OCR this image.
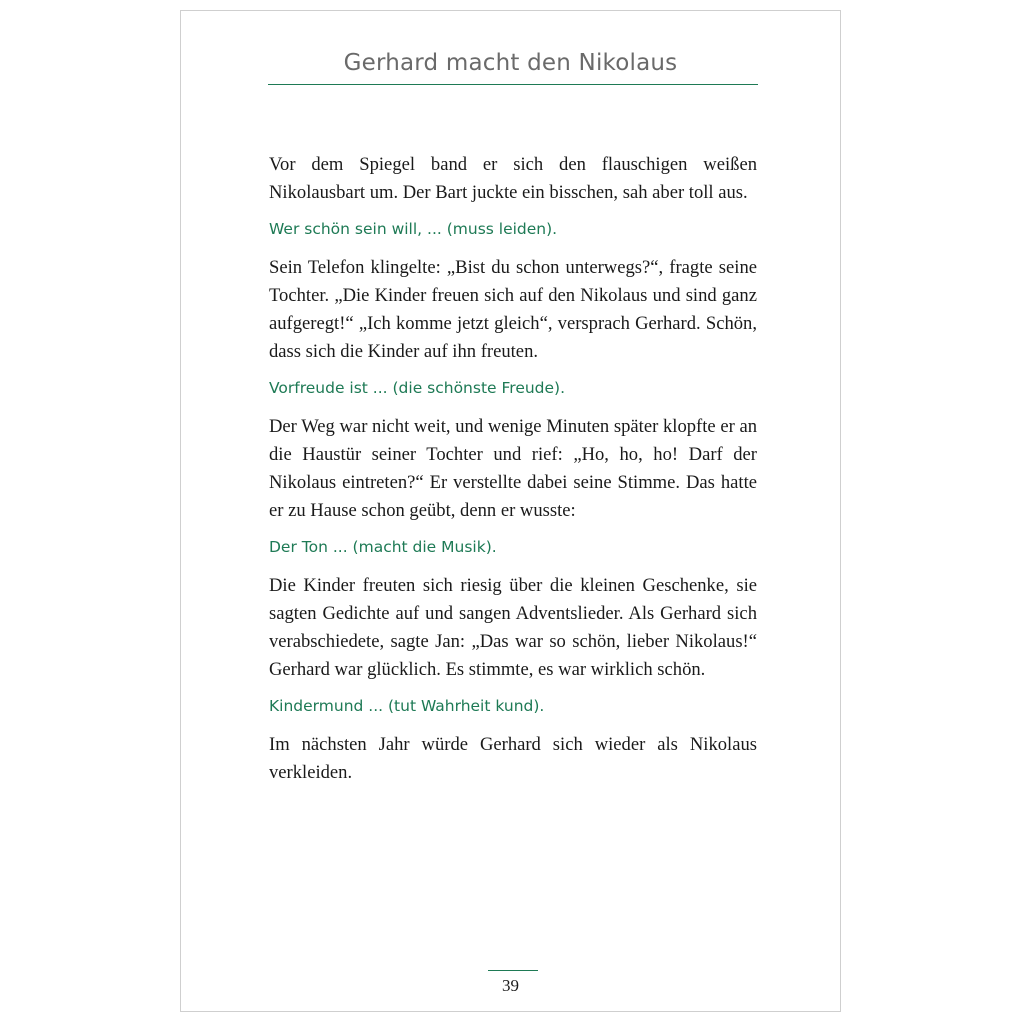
Gerhard macht den Nikolaus

Vor dem Spiegel band er sich den flauschigen weißen Nikolausbart um. Der Bart juckte ein bisschen, sah aber toll aus.

Wer schön sein will, ... (muss leiden).

Sein Telefon klingelte: „Bist du schon unterwegs?“, fragte seine Tochter. „Die Kinder freuen sich auf den Nikolaus und sind ganz aufgeregt!“ „Ich komme jetzt gleich“, versprach Gerhard. Schön, dass sich die Kinder auf ihn freuten.

Vorfreude ist ... (die schönste Freude).

Der Weg war nicht weit, und wenige Minuten später klopfte er an die Haustür seiner Tochter und rief: „Ho, ho, ho! Darf der Nikolaus eintreten?“ Er verstellte dabei seine Stimme. Das hatte er zu Hause schon geübt, denn er wusste:

Der Ton ... (macht die Musik).

Die Kinder freuten sich riesig über die kleinen Geschenke, sie sagten Gedichte auf und sangen Adventslieder. Als Gerhard sich verabschiedete, sagte Jan: „Das war so schön, lieber Nikolaus!“ Gerhard war glücklich. Es stimmte, es war wirklich schön.

Kindermund ... (tut Wahrheit kund).

Im nächsten Jahr würde Gerhard sich wieder als Nikolaus verkleiden.

39
